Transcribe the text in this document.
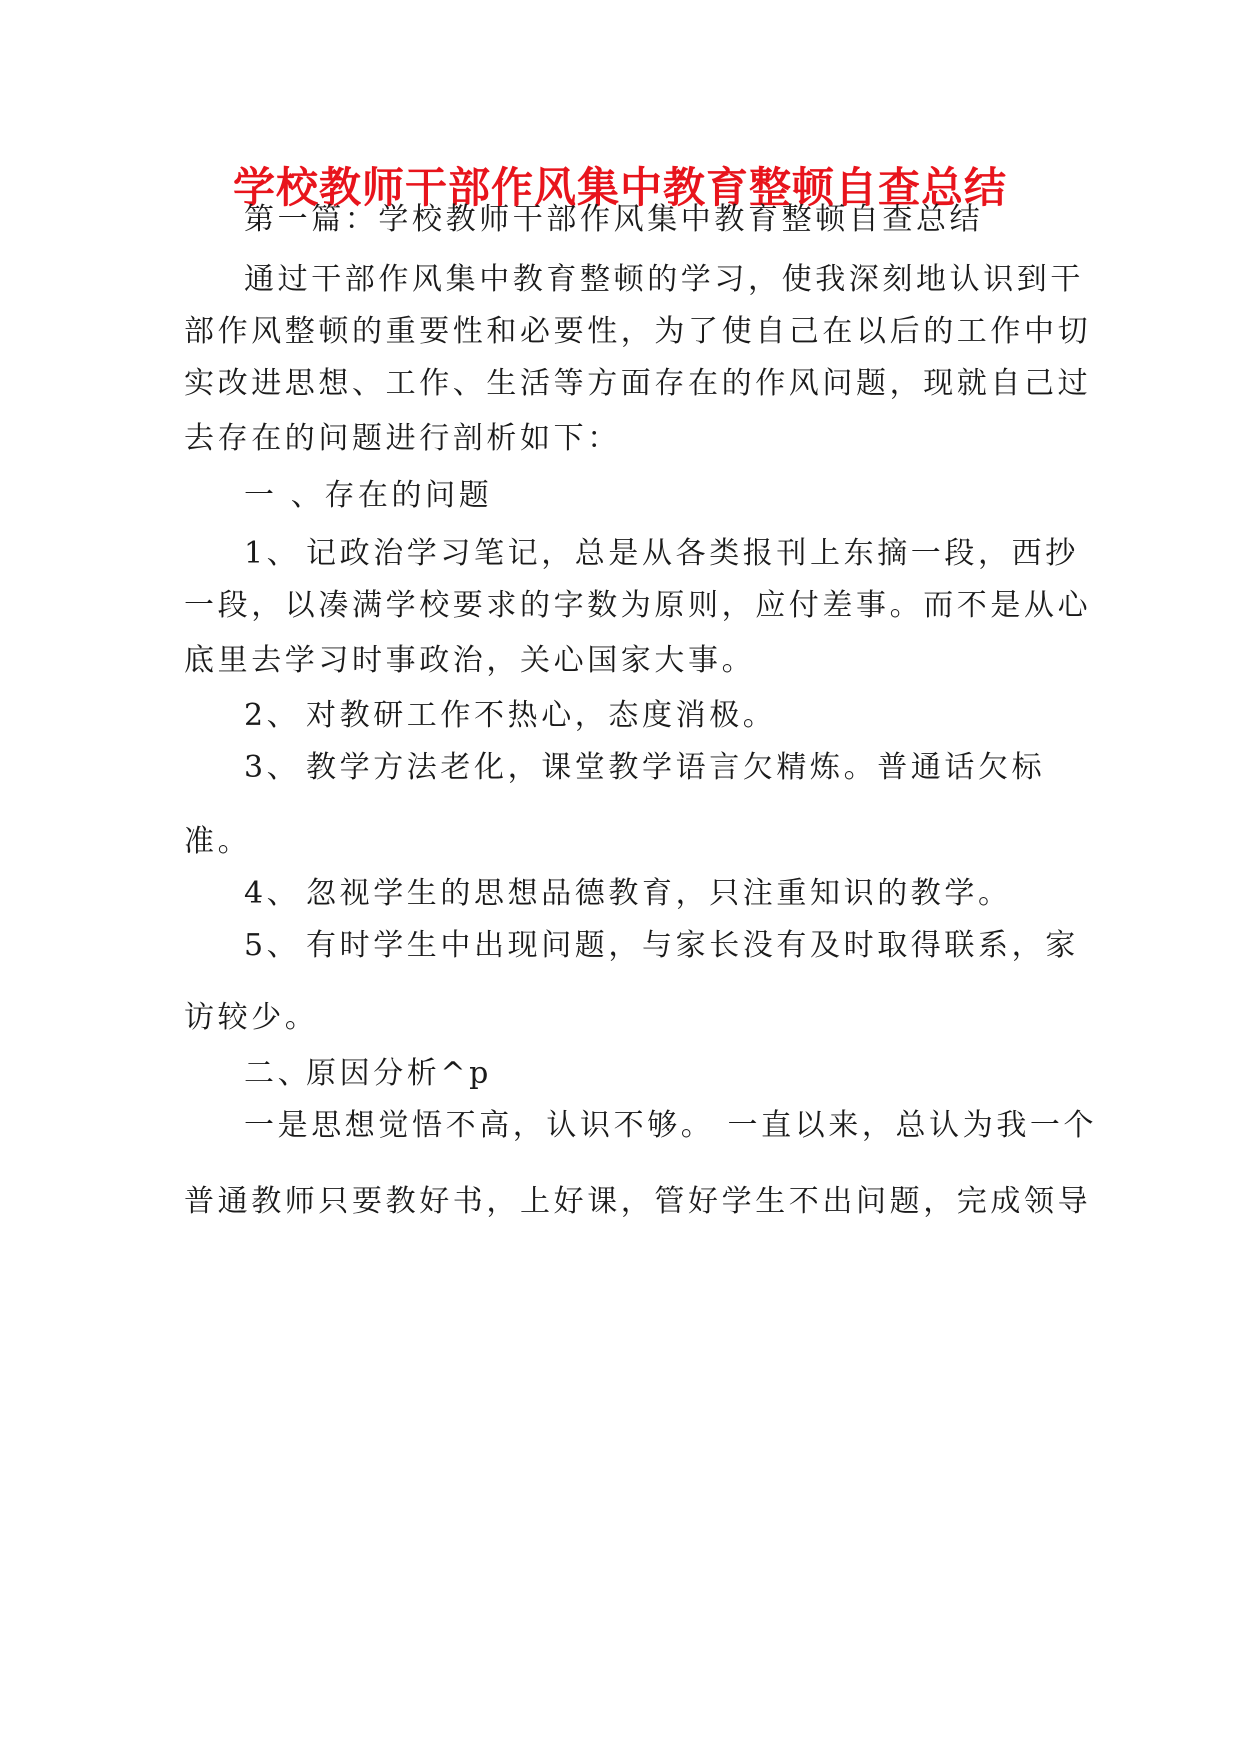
学校教师干部作风集中教育整顿自查总结
第一篇：学校教师干部作风集中教育整顿自查总结
通过干部作风集中教育整顿的学习，使我深刻地认识到干
部作风整顿的重要性和必要性，为了使自己在以后的工作中切
实改进思想、工作、生活等方面存在的作风问题，现就自己过
去存在的问题进行剖析如下：
一 、存在的问题
1、 记政治学习笔记，总是从各类报刊上东摘一段，西抄
一段，以凑满学校要求的字数为原则，应付差事。而不是从心
底里去学习时事政治，关心国家大事。
2、 对教研工作不热心，态度消极。
3、 教学方法老化，课堂教学语言欠精炼。普通话欠标
准。
4、 忽视学生的思想品德教育，只注重知识的教学。
5、 有时学生中出现问题，与家长没有及时取得联系，家
访较少。
二、原因分析^p
一是思想觉悟不高，认识不够。 一直以来，总认为我一个
普通教师只要教好书，上好课，管好学生不出问题，完成领导
